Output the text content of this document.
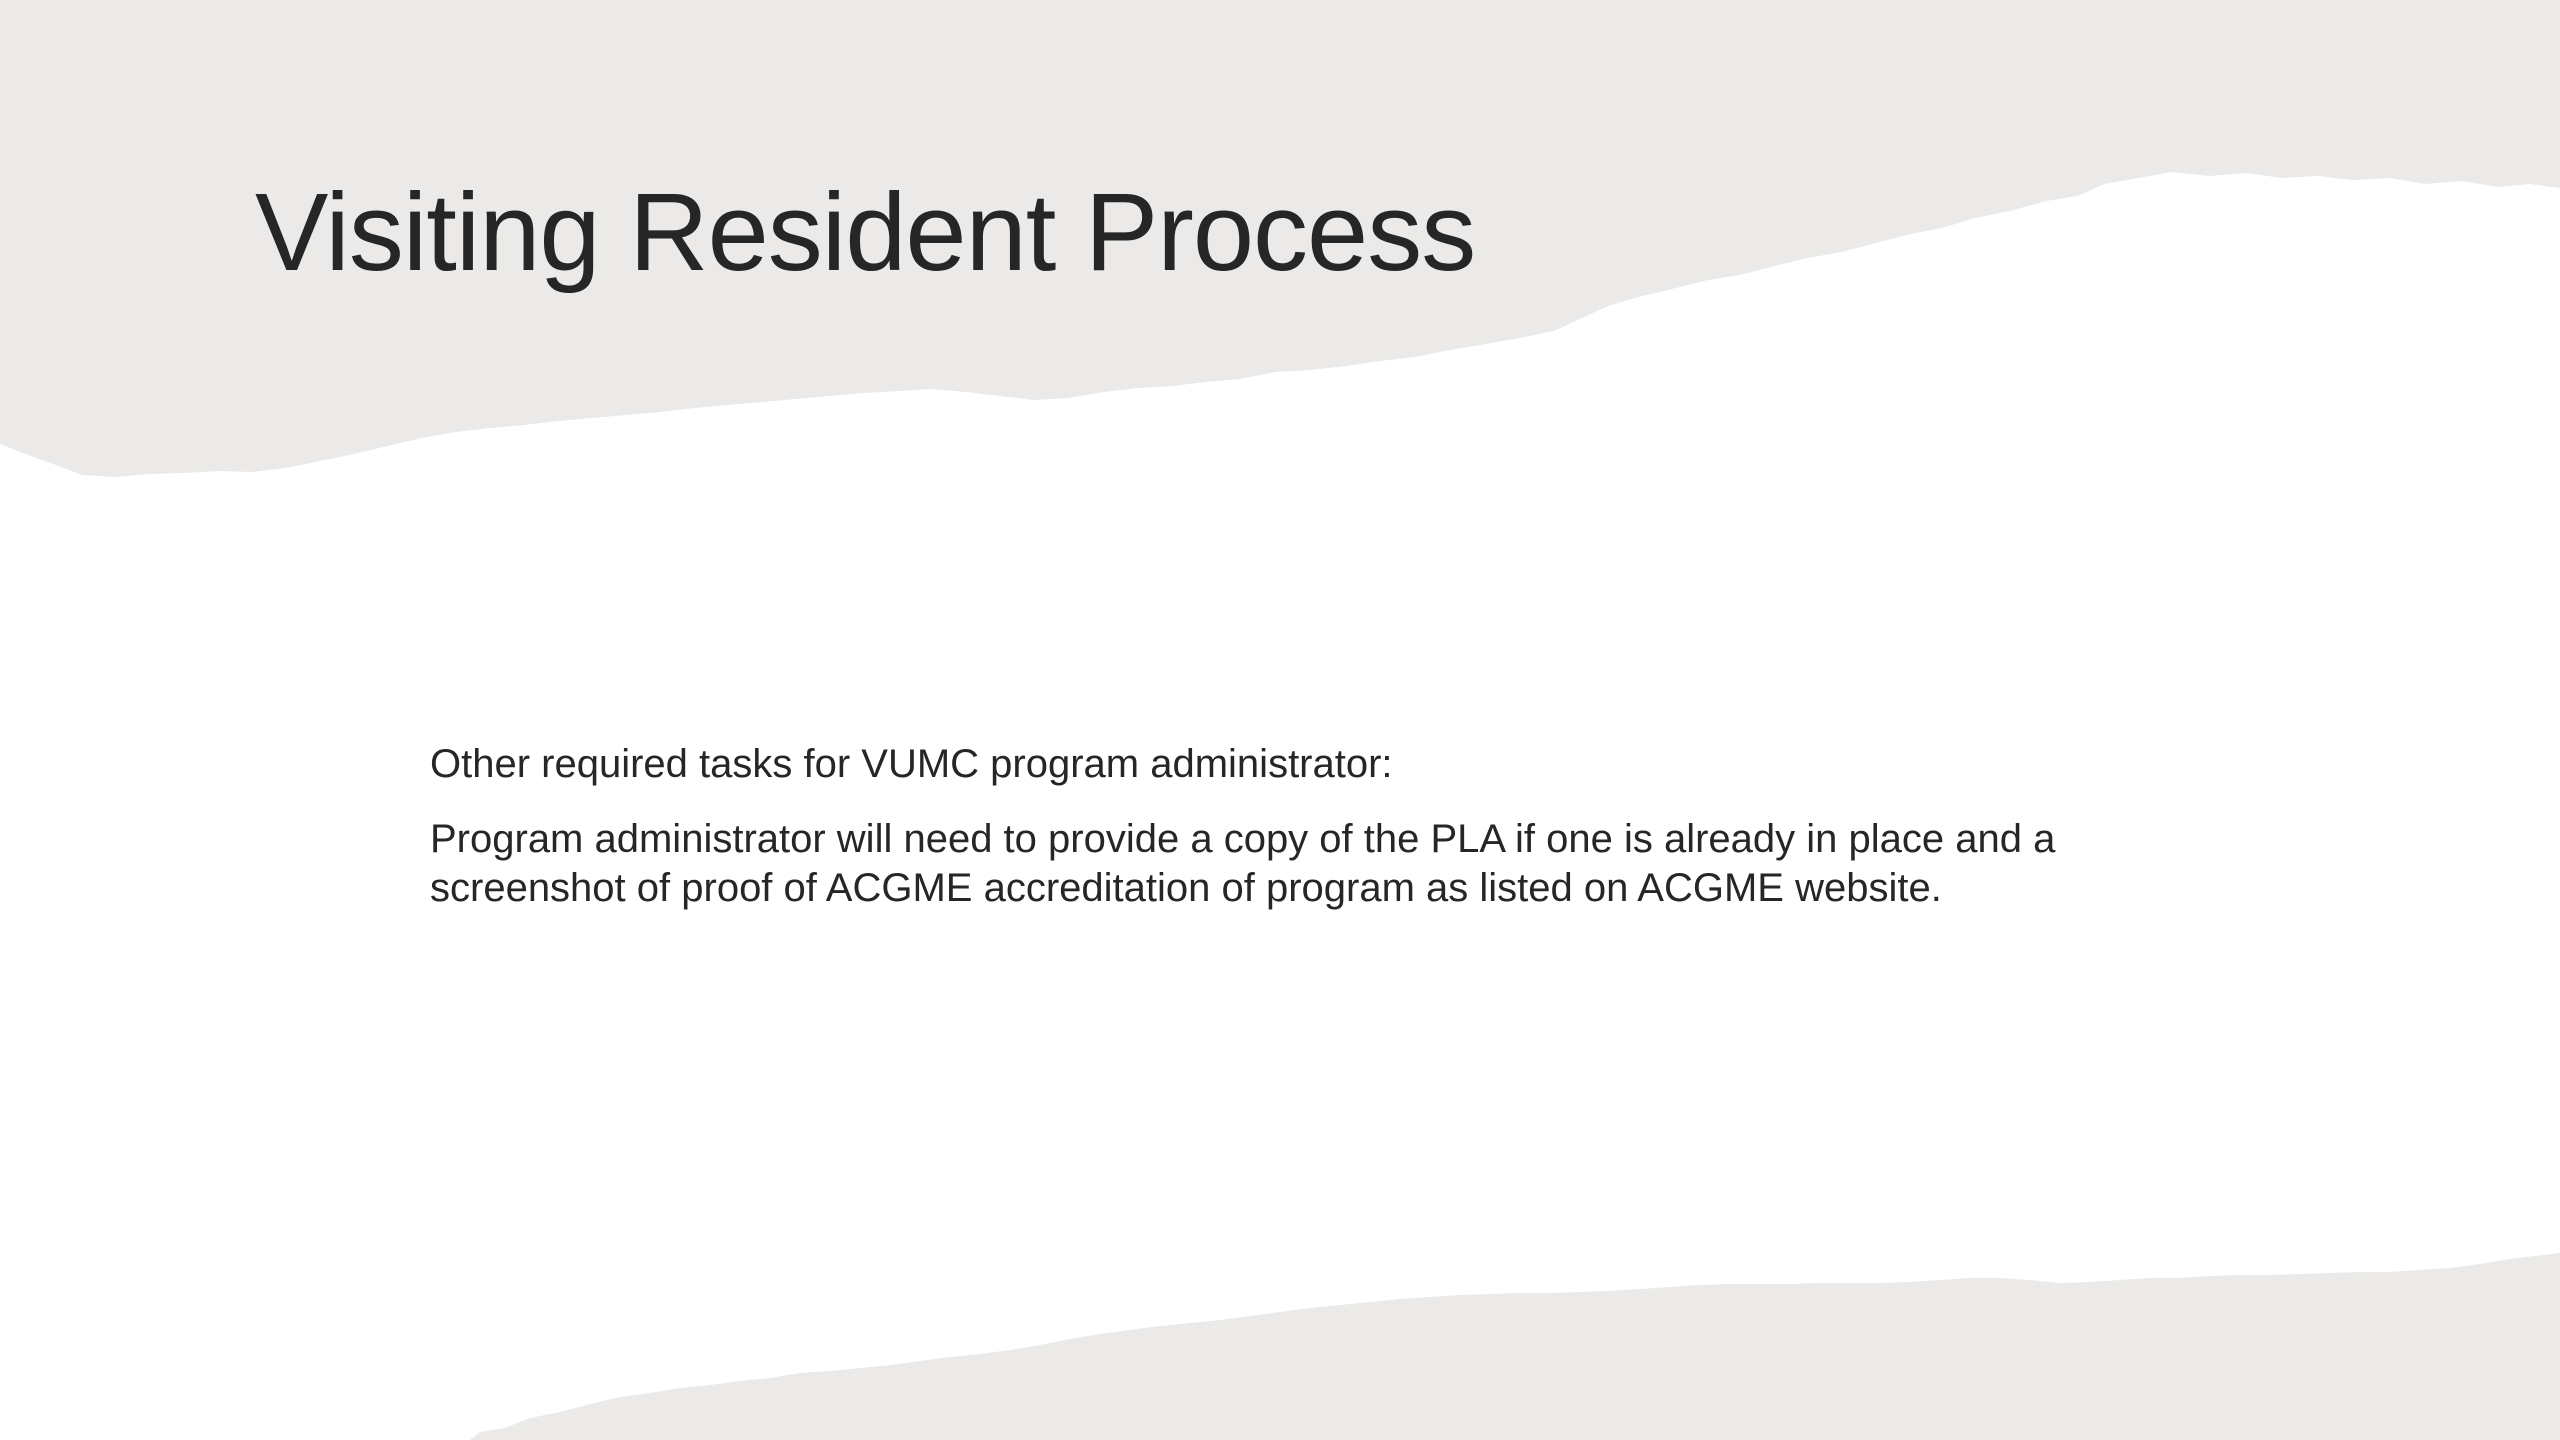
Visiting Resident Process

Other required tasks for VUMC program administrator:

Program administrator will need to provide a copy of the PLA if one is already in place and a screenshot of proof of ACGME accreditation of program as listed on ACGME website.
